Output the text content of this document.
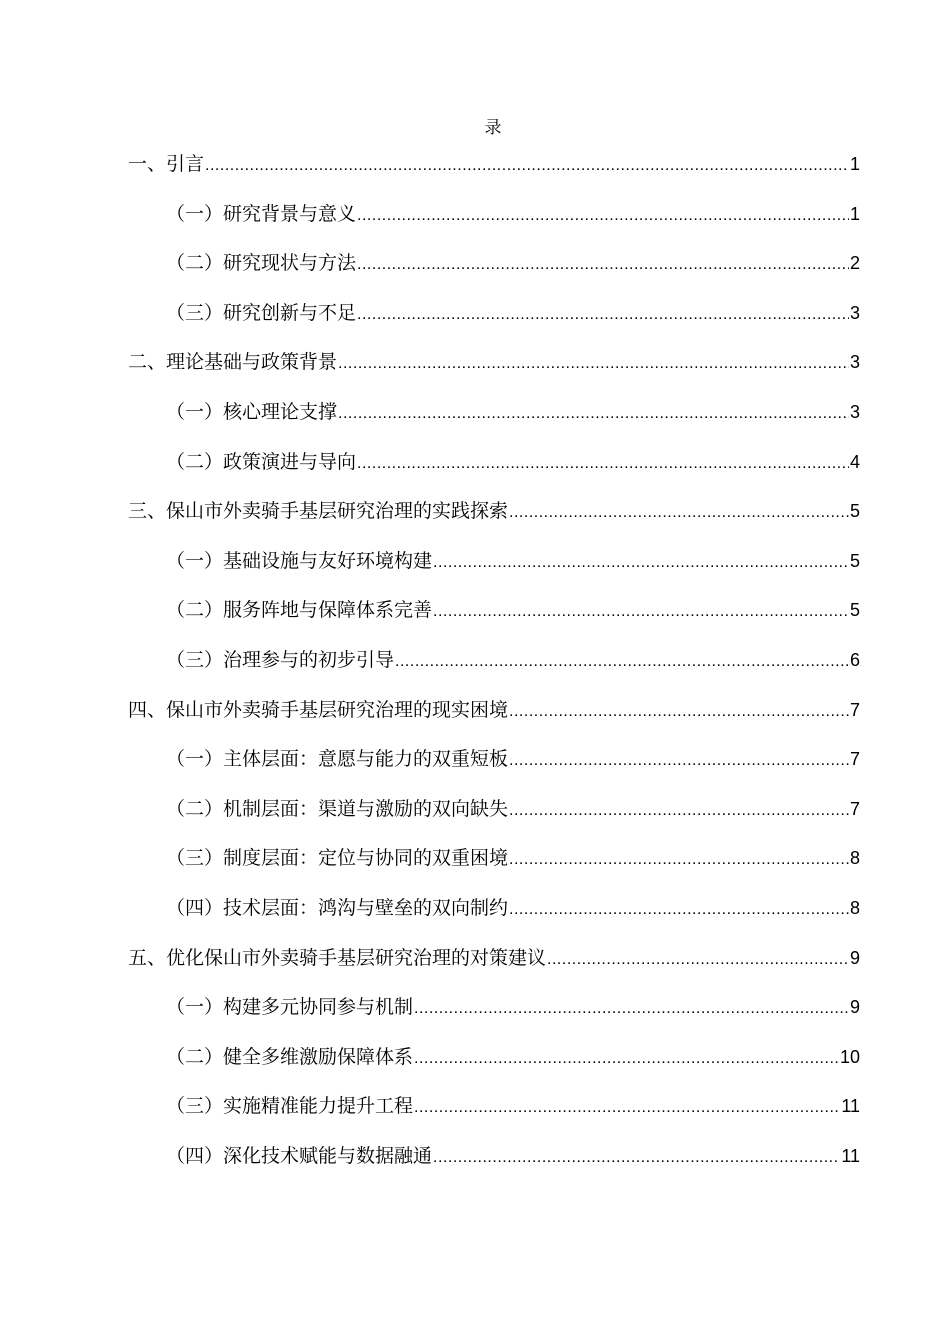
录
一、 引言 .....	1
（一） 研究背景与意义 .....	1
（二） 研究现状与方法 .....	2
（三） 研究创新与不足 .....	3
二、 理论基础与政策背景 .....	3
（一） 核心理论支撑 .....	3
（二） 政策演进与导向 .....	4
三、 保山市外卖骑手基层研究治理的实践探索 .....	5
（一） 基础设施与友好环境构建 .....	5
（二） 服务阵地与保障体系完善 .....	5
（三） 治理参与的初步引导 .....	6
四、 保山市外卖骑手基层研究治理的现实困境 .....	7
（一） 主体层面：意愿与能力的双重短板 .....	7
（二） 机制层面：渠道与激励的双向缺失 .....	7
（三） 制度层面：定位与协同的双重困境 .....	8
（四） 技术层面：鸿沟与壁垒的双向制约 .....	8
五、 优化保山市外卖骑手基层研究治理的对策建议 .....	9
（一） 构建多元协同参与机制 .....	9
（二） 健全多维激励保障体系 .....	10
（三） 实施精准能力提升工程 .....	11
（四） 深化技术赋能与数据融通 .....	11
